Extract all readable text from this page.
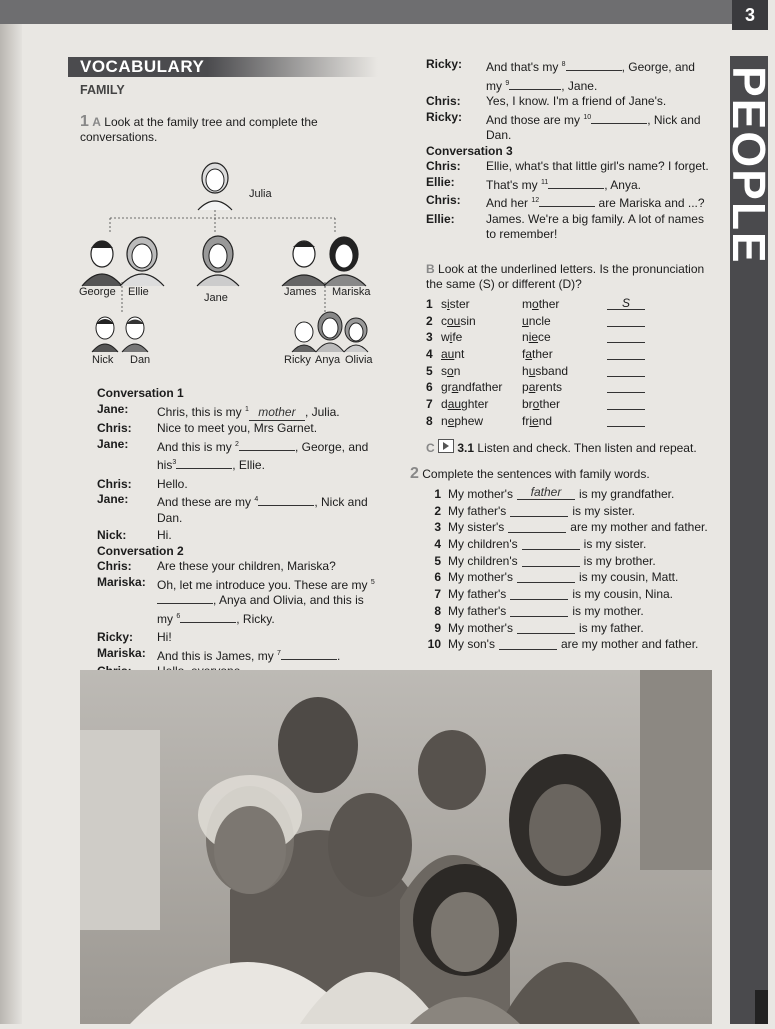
3
PEOPLE
VOCABULARY
FAMILY
1 A Look at the family tree and complete the conversations.
Julia
George Ellie	Jane	James Mariska
Nick Dan	Ricky Anya Olivia
Conversation 1
Jane:	Chris, this is my $^1$ mother , Julia.
Chris:	Nice to meet you, Mrs Garnet.
Jane:	And this is my $^2$	, George, and his$^3$	, Ellie.
Chris:	Hello.
Jane:	And these are my $^4$	, Nick and Dan.
Nick:	Hi.
Conversation 2
Chris:	Are these your children, Mariska?
Mariska: Oh, let me introduce you. These are my $^5$, Anya and Olivia, and this is my $^6$	, Ricky.
Ricky:	Hi!
Mariska: And this is James, my $^7$	.
Ricky:	And that's my $^8$	, George, and my $^9$	, Jane.
Chris:	Yes, I know. I'm a friend of Jane's.
Ricky:	And those are my $^{10}$	, Nick and Dan.
Conversation 3
Chris:	Ellie, what's that little girl's name? I forget.
Ellie:	That's my $^{11}$	, Anya.
Chris:	And her $^{12}$	are Mariska and ...?
Ellie:	James. We're a big family. A lot of names to remember!
B Look at the underlined letters. Is the pronunciation the same (S) or different (D)?
1 sister	mother	S
2 cousin	uncle
3 wife	niece
4 aunt	father
5 son	husband
6 grandfather	parents
7 daughter	brother
8 nephew	friend
C 3.1 Listen and check. Then listen and repeat.
2 Complete the sentences with family words.
1 My mother's	father	is my grandfather.
2 My father's	is my sister.
3 My sister's	are my mother and father.
4 My children's	is my sister.
5 My children's	is my brother.
6 My mother's	is my cousin, Matt.
7 My father's	is my cousin, Nina.
8 My father's	is my mother.
9 My mother's	is my father.
10 My son's	are my mother and father.
